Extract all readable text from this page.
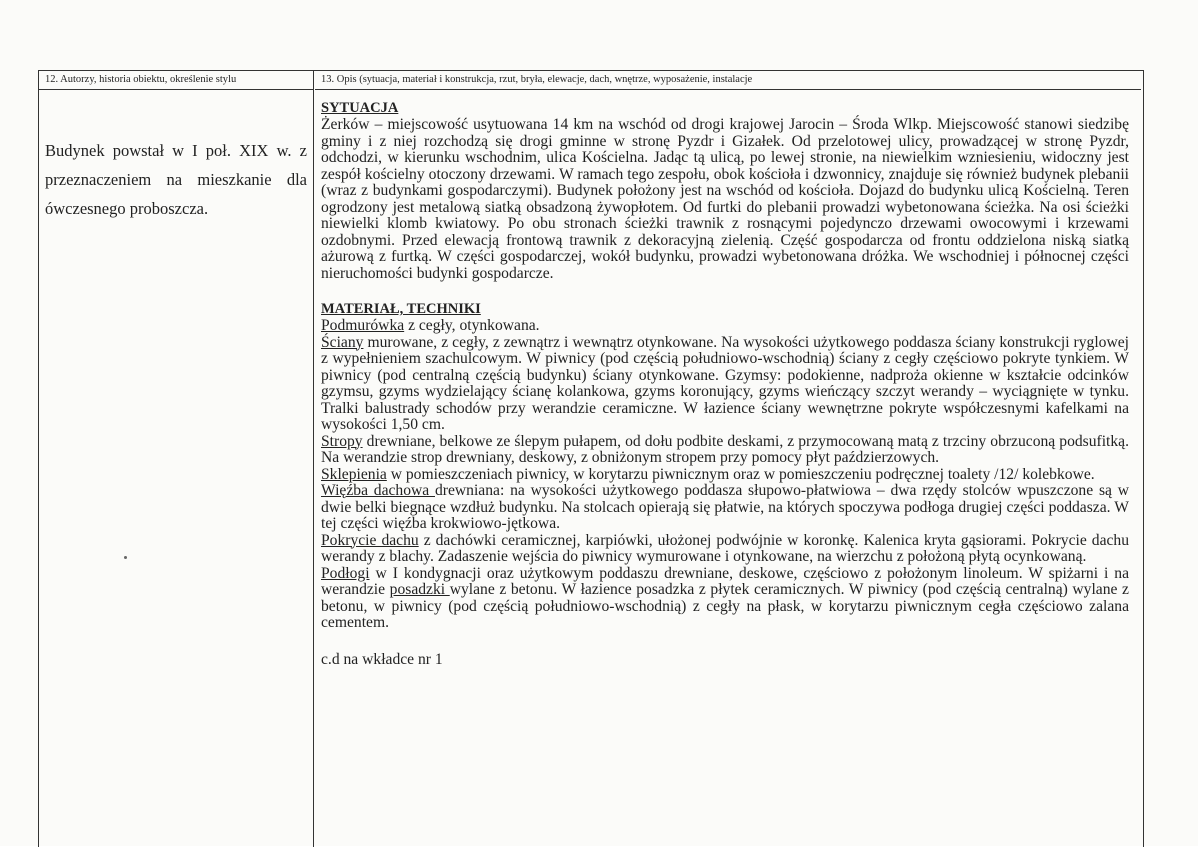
12. Autorzy, historia obiektu, określenie stylu
Budynek powstał w I poł. XIX w. z przeznaczeniem na mieszkanie dla ówczesnego proboszcza.
13. Opis (sytuacja, materiał i konstrukcja, rzut, bryła, elewacje, dach, wnętrze, wyposażenie, instalacje
SYTUACJA

Żerków – miejscowość usytuowana 14 km na wschód od drogi krajowej Jarocin – Środa Wlkp. Miejscowość stanowi siedzibę gminy i z niej rozchodzą się drogi gminne w stronę Pyzdr i Gizałek. Od przelotowej ulicy, prowadzącej w stronę Pyzdr, odchodzi, w kierunku wschodnim, ulica Kościelna. Jadąc tą ulicą, po lewej stronie, na niewielkim wzniesieniu, widoczny jest zespół kościelny otoczony drzewami. W ramach tego zespołu, obok kościoła i dzwonnicy, znajduje się również budynek plebanii (wraz z budynkami gospodarczymi). Budynek położony jest na wschód od kościoła. Dojazd do budynku ulicą Kościelną. Teren ogrodzony jest metalową siatką obsadzoną żywopłotem. Od furtki do plebanii prowadzi wybetonowana ścieżka. Na osi ścieżki niewielki klomb kwiatowy. Po obu stronach ścieżki trawnik z rosnącymi pojedynczo drzewami owocowymi i krzewami ozdobnymi. Przed elewacją frontową trawnik z dekoracyjną zielenią. Część gospodarcza od frontu oddzielona niską siatką ażurową z furtką. W części gospodarczej, wokół budynku, prowadzi wybetonowana dróżka. We wschodniej i północnej części nieruchomości budynki gospodarcze.

MATERIAŁ, TECHNIKI

Podmurówka z cegły, otynkowana.

Ściany murowane, z cegły, z zewnątrz i wewnątrz otynkowane. Na wysokości użytkowego poddasza ściany konstrukcji ryglowej z wypełnieniem szachulcowym. W piwnicy (pod częścią południowo-wschodnią) ściany z cegły częściowo pokryte tynkiem. W piwnicy (pod centralną częścią budynku) ściany otynkowane. Gzymsy: podokienne, nadproża okienne w kształcie odcinków gzymsu, gzyms wydzielający ścianę kolankowa, gzyms koronujący, gzyms wieńczący szczyt werandy – wyciągnięte w tynku. Tralki balustrady schodów przy werandzie ceramiczne. W łazience ściany wewnętrzne pokryte współczesnymi kafelkami na wysokości 1,50 cm.

Stropy drewniane, belkowe ze ślepym pułapem, od dołu podbite deskami, z przymocowaną matą z trzciny obrzuconą podsufitką. Na werandzie strop drewniany, deskowy, z obniżonym stropem przy pomocy płyt paździerzowych.

Sklepienia w pomieszczeniach piwnicy, w korytarzu piwnicznym oraz w pomieszczeniu podręcznej toalety /12/ kolebkowe.

Więźba dachowa drewniana: na wysokości użytkowego poddasza słupowo-płatwiowa – dwa rzędy stolców wpuszczone są w dwie belki biegnące wzdłuż budynku. Na stolcach opierają się płatwie, na których spoczywa podłoga drugiej części poddasza. W tej części więźba krokwiowo-jętkowa.

Pokrycie dachu z dachówki ceramicznej, karpiówki, ułożonej podwójnie w koronkę. Kalenica kryta gąsiorami. Pokrycie dachu werandy z blachy. Zadaszenie wejścia do piwnicy wymurowane i otynkowane, na wierzchu z położoną płytą ocynkowaną.

Podłogi w I kondygnacji oraz użytkowym poddaszu drewniane, deskowe, częściowo z położonym linoleum. W spiżarni i na werandzie posadzki wylane z betonu. W łazience posadzka z płytek ceramicznych. W piwnicy (pod częścią centralną) wylane z betonu, w piwnicy (pod częścią południowo-wschodnią) z cegły na płask, w korytarzu piwnicznym cegła częściowo zalana cementem.

c.d na wkładce nr 1
